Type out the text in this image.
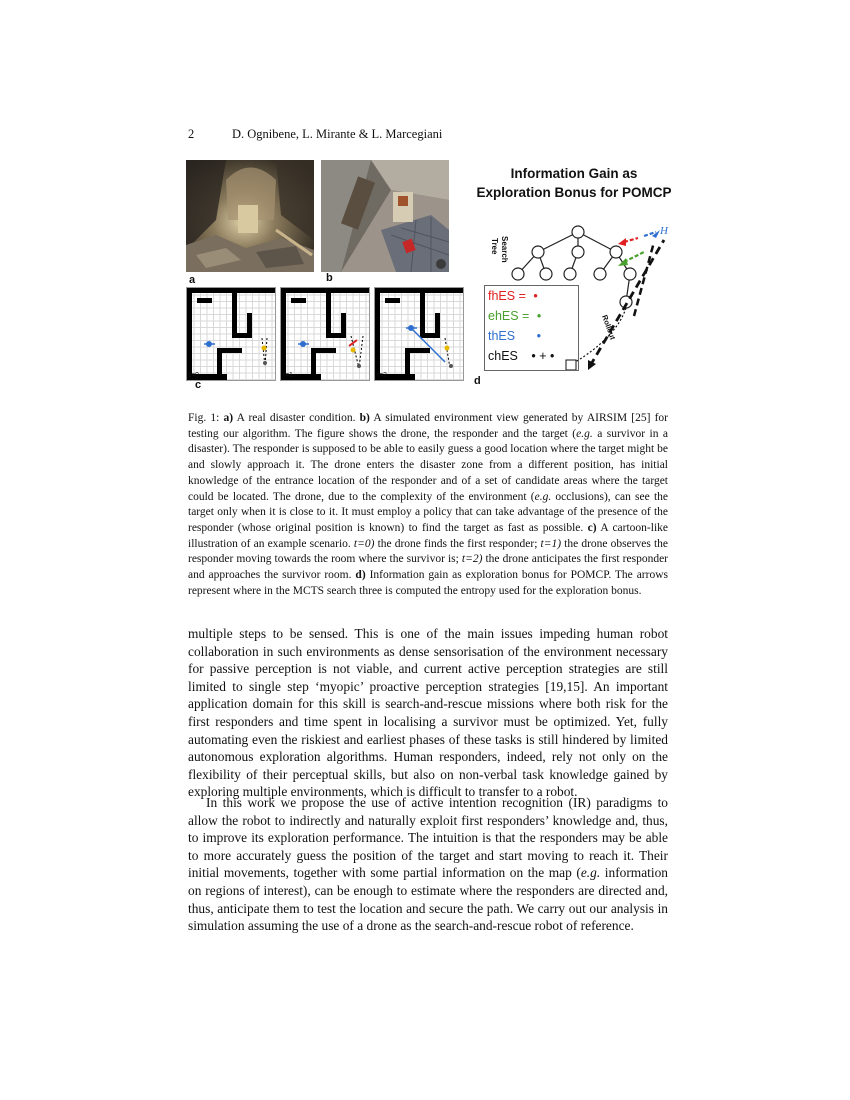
2	D. Ognibene, L. Mirante & L. Marcegiani
a	b
t=0	t=1	t=2
c
Information Gain as
Exploration Bonus for POMCP
Search
Tree
H
Rollout
fhES = •
ehES = •
thES •
chES • + •
d
Fig. 1: a) A real disaster condition. b) A simulated environment view generated by AIRSIM [25] for testing our algorithm. The figure shows the drone, the responder and the target (e.g. a survivor in a disaster). The responder is supposed to be able to easily guess a good location where the target might be and slowly approach it. The drone enters the disaster zone from a different position, has initial knowledge of the entrance location of the responder and of a set of candidate areas where the target could be located. The drone, due to the complexity of the environment (e.g. occlusions), can see the target only when it is close to it. It must employ a policy that can take advantage of the presence of the responder (whose original position is known) to find the target as fast as possible. c) A cartoon-like illustration of an example scenario. t=0) the drone finds the first responder; t=1) the drone observes the responder moving towards the room where the survivor is; t=2) the drone anticipates the first responder and approaches the survivor room. d) Information gain as exploration bonus for POMCP. The arrows represent where in the MCTS search three is computed the entropy used for the exploration bonus.
multiple steps to be sensed. This is one of the main issues impeding human robot collaboration in such environments as dense sensorisation of the environment necessary for passive perception is not viable, and current active perception strategies are still limited to single step ‘myopic’ proactive perception strategies [19,15]. An important application domain for this skill is search-and-rescue missions where both risk for the first responders and time spent in localising a survivor must be optimized. Yet, fully automating even the riskiest and earliest phases of these tasks is still hindered by limited autonomous exploration algorithms. Human responders, indeed, rely not only on the flexibility of their perceptual skills, but also on non-verbal task knowledge gained by exploring multiple environments, which is difficult to transfer to a robot.
In this work we propose the use of active intention recognition (IR) paradigms to allow the robot to indirectly and naturally exploit first responders’ knowledge and, thus, to improve its exploration performance. The intuition is that the responders may be able to more accurately guess the position of the target and start moving to reach it. Their initial movements, together with some partial information on the map (e.g. information on regions of interest), can be enough to estimate where the responders are directed and, thus, anticipate them to test the location and secure the path. We carry out our analysis in simulation assuming the use of a drone as the search-and-rescue robot of reference.
